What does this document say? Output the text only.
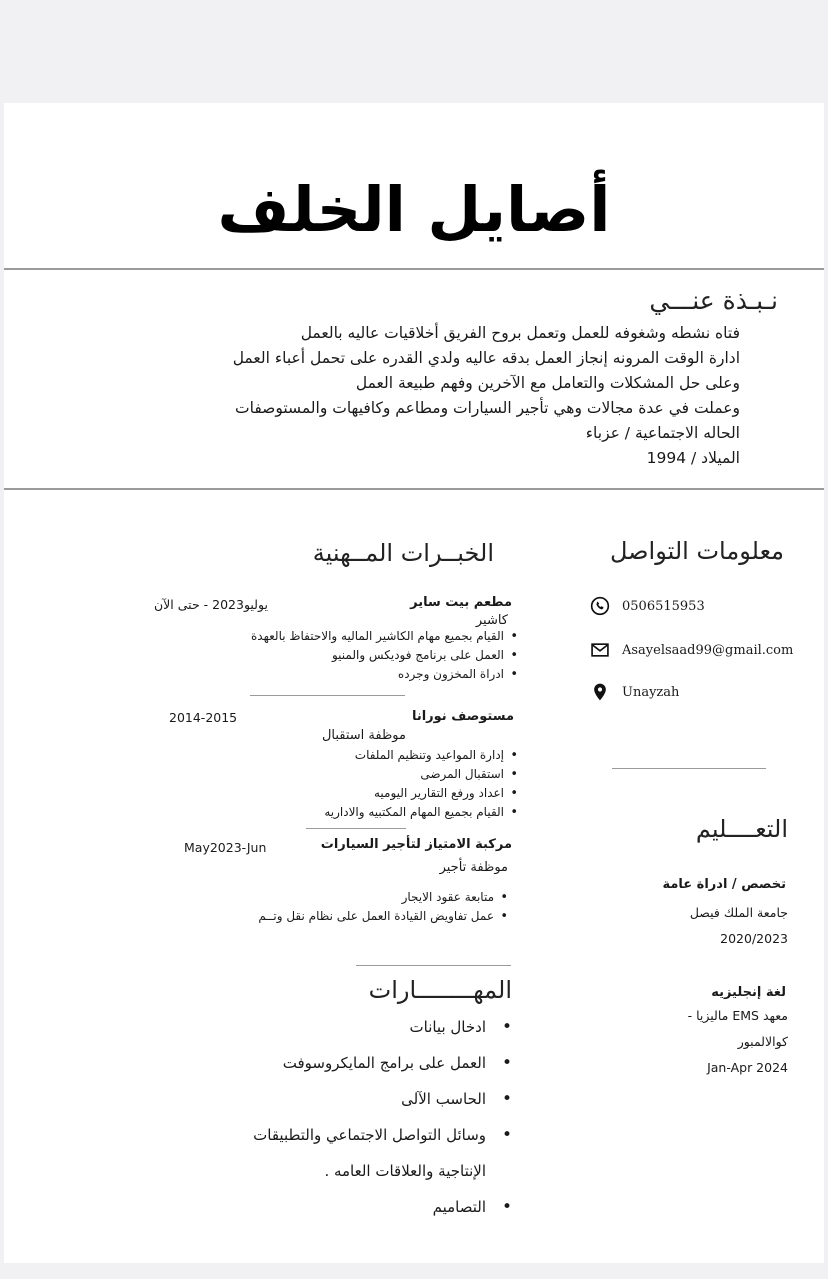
أصايل الخلف
نـبـذة عنـــي
فتاه نشطه وشغوفه للعمل وتعمل بروح الفريق أخلاقيات عاليه بالعمل
ادارة الوقت المرونه إنجاز العمل بدقه عاليه ولدي القدره على تحمل أعباء العمل
وعلى حل المشكلات والتعامل مع الآخرين وفهم طبيعة العمل
وعملت في عدة مجالات وهي تأجير السيارات ومطاعم وكافيهات والمستوصفات
الحاله الاجتماعية / عزباء
الميلاد / 1994
الخبــرات المــهنية
مطعم بيت ساير
يوليو2023 - حتى الآن
كاشير
• القيام بجميع مهام الكاشير الماليه والاحتفاظ بالعهدة
• العمل على برنامج فوديكس والمنيو
• ادراة المخزون وجرده
مستوصف نورانا
2014-2015
موظفة استقبال
• إدارة المواعيد وتنظيم الملفات
• استقبال المرضى
• اعداد ورفع التقارير اليوميه
• القيام بجميع المهام المكتبيه والاداريه
مركبة الامتياز لتأجير السيارات
May2023-Jun
موظفة تأجير
• متابعة عقود الايجار
• عمل تفاويض القيادة العمل على نظام نقل وتــم
المهــــــــارات
• ادخال بيانات
• العمل على برامج المايكروسوفت
• الحاسب الآلى
• وسائل التواصل الاجتماعي والتطبيقات
الإنتاجية والعلاقات العامه .
• التصاميم
معلومات التواصل
0506515953
Asayelsaad99@gmail.com
Unayzah
التعــــليم
تخصص / ادراة عامة
جامعة الملك فيصل
2020/2023
لغة إنجليزيه
معهد EMS ماليزيا -
كوالالمبور
Jan-Apr 2024
